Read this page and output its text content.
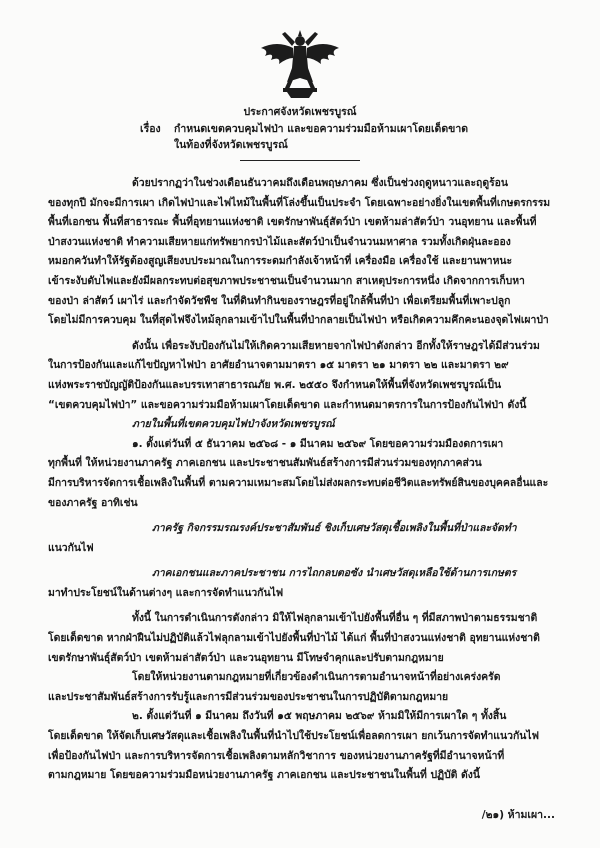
ประกาศจังหวัดเพชรบูรณ์
เรื่อง กำหนดเขตควบคุมไฟป่า และขอความร่วมมือห้ามเผาโดยเด็ดขาด
ในท้องที่จังหวัดเพชรบูรณ์

ด้วยปรากฏว่าในช่วงเดือนธันวาคมถึงเดือนพฤษภาคม ซึ่งเป็นช่วงฤดูหนาวและฤดูร้อน

ของทุกปี มักจะมีการเผา เกิดไฟป่าและไฟไหม้ในพื้นที่โล่งขึ้นเป็นประจำ โดยเฉพาะอย่างยิ่งในเขตพื้นที่เกษตรกรรม

พื้นที่เอกชน พื้นที่สาธารณะ พื้นที่อุทยานแห่งชาติ เขตรักษาพันธุ์สัตว์ป่า เขตห้ามล่าสัตว์ป่า วนอุทยาน และพื้นที่

ป่าสงวนแห่งชาติ ทำความเสียหายแก่ทรัพยากรป่าไม้และสัตว์ป่าเป็นจำนวนมหาศาล รวมทั้งเกิดฝุ่นละออง

หมอกควันทำให้รัฐต้องสูญเสียงบประมาณในการระดมกำลังเจ้าหน้าที่ เครื่องมือ เครื่องใช้ และยานพาหนะ

เข้าระงับดับไฟและยังมีผลกระทบต่อสุขภาพประชาชนเป็นจำนวนมาก สาเหตุประการหนึ่ง เกิดจากการเก็บหา

ของป่า ล่าสัตว์ เผาไร่ และกำจัดวัชพืช ในที่ดินทำกินของราษฎรที่อยู่ใกล้พื้นที่ป่า เพื่อเตรียมพื้นที่เพาะปลูก

โดยไม่มีการควบคุม ในที่สุดไฟจึงไหม้ลุกลามเข้าไปในพื้นที่ป่ากลายเป็นไฟป่า หรือเกิดความคึกคะนองจุดไฟเผาป่า

ดังนั้น เพื่อระงับป้องกันไม่ให้เกิดความเสียหายจากไฟป่าดังกล่าว อีกทั้งให้ราษฎรได้มีส่วนร่วม

ในการป้องกันและแก้ไขปัญหาไฟป่า อาศัยอำนาจตามมาตรา ๑๕ มาตรา ๒๑ มาตรา ๒๒ และมาตรา ๒๙

แห่งพระราชบัญญัติป้องกันและบรรเทาสาธารณภัย พ.ศ. ๒๕๕๐ จึงกำหนดให้พื้นที่จังหวัดเพชรบูรณ์เป็น

“เขตควบคุมไฟป่า” และขอความร่วมมือห้ามเผาโดยเด็ดขาด และกำหนดมาตรการในการป้องกันไฟป่า ดังนี้

ภายในพื้นที่เขตควบคุมไฟป่าจังหวัดเพชรบูรณ์

๑. ตั้งแต่วันที่ ๕ ธันวาคม ๒๕๖๘ - ๑ มีนาคม ๒๕๖๙ โดยขอความร่วมมืองดการเผา

ทุกพื้นที่ ให้หน่วยงานภาครัฐ ภาคเอกชน และประชาชนสัมพันธ์สร้างการมีส่วนร่วมของทุกภาคส่วน

มีการบริหารจัดการเชื้อเพลิงในพื้นที่ ตามความเหมาะสมโดยไม่ส่งผลกระทบต่อชีวิตและทรัพย์สินของบุคคลอื่นและ

ของภาครัฐ อาทิเช่น

ภาครัฐ กิจกรรมรณรงค์ประชาสัมพันธ์ ชิงเก็บเศษวัสดุเชื้อเพลิงในพื้นที่ป่าและจัดทำ

แนวกันไฟ

ภาคเอกชนและภาคประชาชน การไถกลบตอซัง นำเศษวัสดุเหลือใช้ด้านการเกษตร

มาทำประโยชน์ในด้านต่างๆ และการจัดทำแนวกันไฟ

ทั้งนี้ ในการดำเนินการดังกล่าว มิให้ไฟลุกลามเข้าไปยังพื้นที่อื่น ๆ ที่มีสภาพป่าตามธรรมชาติ

โดยเด็ดขาด หากฝ่าฝืนไม่ปฏิบัติแล้วไฟลุกลามเข้าไปยังพื้นที่ป่าไม้ ได้แก่ พื้นที่ป่าสงวนแห่งชาติ อุทยานแห่งชาติ

เขตรักษาพันธุ์สัตว์ป่า เขตห้ามล่าสัตว์ป่า และวนอุทยาน มีโทษจำคุกและปรับตามกฎหมาย

โดยให้หน่วยงานตามกฎหมายที่เกี่ยวข้องดำเนินการตามอำนาจหน้าที่อย่างเคร่งครัด

และประชาสัมพันธ์สร้างการรับรู้และการมีส่วนร่วมของประชาชนในการปฏิบัติตามกฎหมาย

๒. ตั้งแต่วันที่ ๑ มีนาคม ถึงวันที่ ๑๕ พฤษภาคม ๒๕๖๙ ห้ามมิให้มีการเผาใด ๆ ทั้งสิ้น

โดยเด็ดขาด ให้จัดเก็บเศษวัสดุและเชื้อเพลิงในพื้นที่นำไปใช้ประโยชน์เพื่อลดการเผา ยกเว้นการจัดทำแนวกันไฟ

เพื่อป้องกันไฟป่า และการบริหารจัดการเชื้อเพลิงตามหลักวิชาการ ของหน่วยงานภาครัฐที่มีอำนาจหน้าที่

ตามกฎหมาย โดยขอความร่วมมือหน่วยงานภาครัฐ ภาคเอกชน และประชาชนในพื้นที่ ปฏิบัติ ดังนี้

/๒๑) ห้ามเผา...
